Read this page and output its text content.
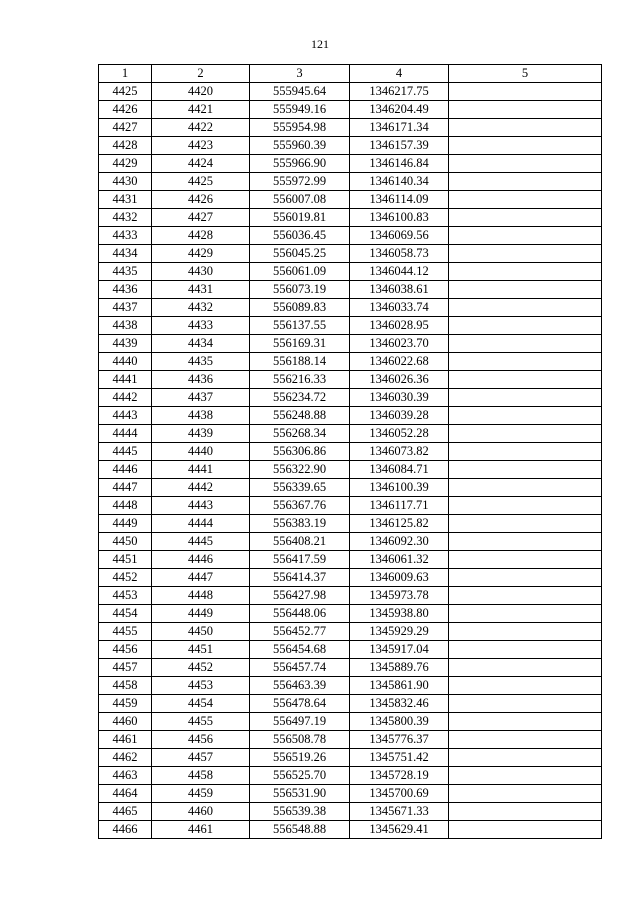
121
1	2	3	4	5
4425	4420	555945.64	1346217.75	
4426	4421	555949.16	1346204.49	
4427	4422	555954.98	1346171.34	
4428	4423	555960.39	1346157.39	
4429	4424	555966.90	1346146.84	
4430	4425	555972.99	1346140.34	
4431	4426	556007.08	1346114.09	
4432	4427	556019.81	1346100.83	
4433	4428	556036.45	1346069.56	
4434	4429	556045.25	1346058.73	
4435	4430	556061.09	1346044.12	
4436	4431	556073.19	1346038.61	
4437	4432	556089.83	1346033.74	
4438	4433	556137.55	1346028.95	
4439	4434	556169.31	1346023.70	
4440	4435	556188.14	1346022.68	
4441	4436	556216.33	1346026.36	
4442	4437	556234.72	1346030.39	
4443	4438	556248.88	1346039.28	
4444	4439	556268.34	1346052.28	
4445	4440	556306.86	1346073.82	
4446	4441	556322.90	1346084.71	
4447	4442	556339.65	1346100.39	
4448	4443	556367.76	1346117.71	
4449	4444	556383.19	1346125.82	
4450	4445	556408.21	1346092.30	
4451	4446	556417.59	1346061.32	
4452	4447	556414.37	1346009.63	
4453	4448	556427.98	1345973.78	
4454	4449	556448.06	1345938.80	
4455	4450	556452.77	1345929.29	
4456	4451	556454.68	1345917.04	
4457	4452	556457.74	1345889.76	
4458	4453	556463.39	1345861.90	
4459	4454	556478.64	1345832.46	
4460	4455	556497.19	1345800.39	
4461	4456	556508.78	1345776.37	
4462	4457	556519.26	1345751.42	
4463	4458	556525.70	1345728.19	
4464	4459	556531.90	1345700.69	
4465	4460	556539.38	1345671.33	
4466	4461	556548.88	1345629.41	
